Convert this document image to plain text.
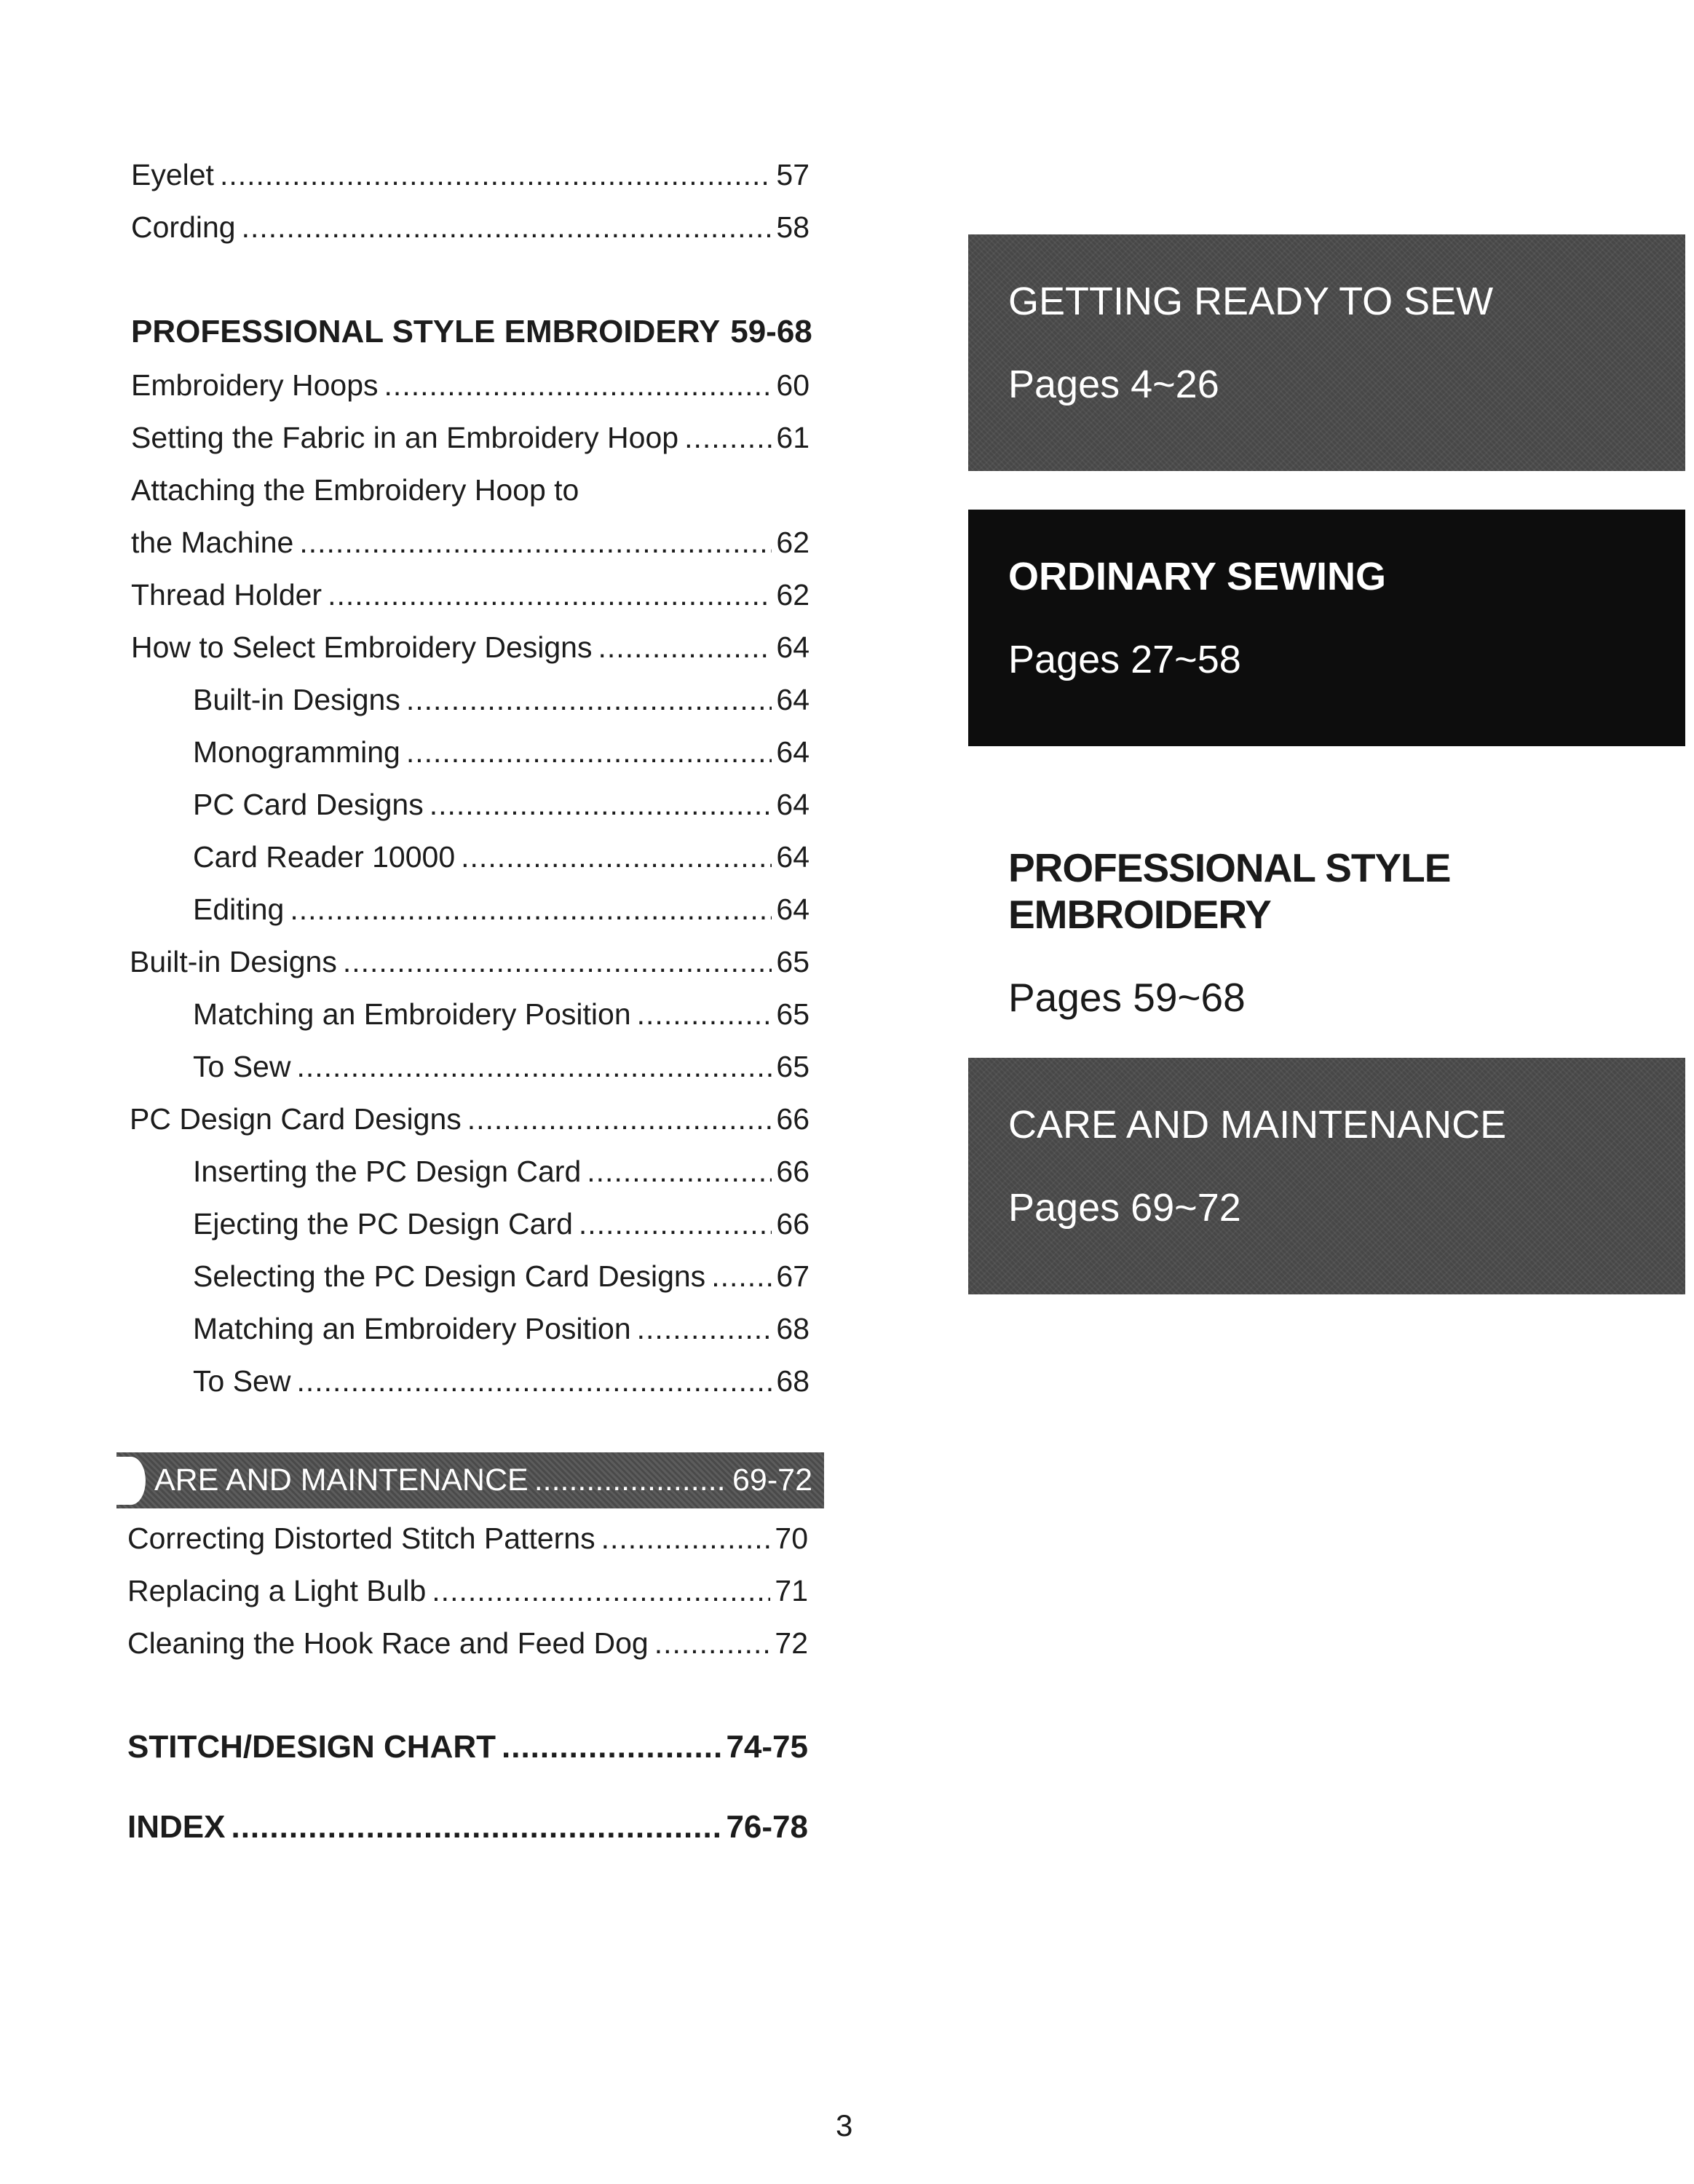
Eyelet .....	57
Cording .....	58
PROFESSIONAL STYLE EMBROIDERY 59-68
Embroidery Hoops .....	60
Setting the Fabric in an Embroidery Hoop .....	61
Attaching the Embroidery Hoop to
the Machine .....	62
Thread Holder .....	62
How to Select Embroidery Designs .....	64
Built-in Designs .....	64
Monogramming .....	64
PC Card Designs .....	64
Card Reader 10000 .....	64
Editing .....	64
Built-in Designs .....	65
Matching an Embroidery Position .....	65
To Sew .....	65
PC Design Card Designs .....	66
Inserting the PC Design Card .....	66
Ejecting the PC Design Card .....	66
Selecting the PC Design Card Designs ..... 67
Matching an Embroidery Position .....	68
To Sew .....	68
ARE AND MAINTENANCE .....	69-72
Correcting Distorted Stitch Patterns .....	70
Replacing a Light Bulb .....	71
Cleaning the Hook Race and Feed Dog .....	72
STITCH/DESIGN CHART .....	74-75
INDEX .....	76-78
GETTING READY TO SEW
Pages 4~26
ORDINARY SEWING
Pages 27~58
PROFESSIONAL STYLE EMBROIDERY
Pages 59~68
CARE AND MAINTENANCE
Pages 69~72
3
